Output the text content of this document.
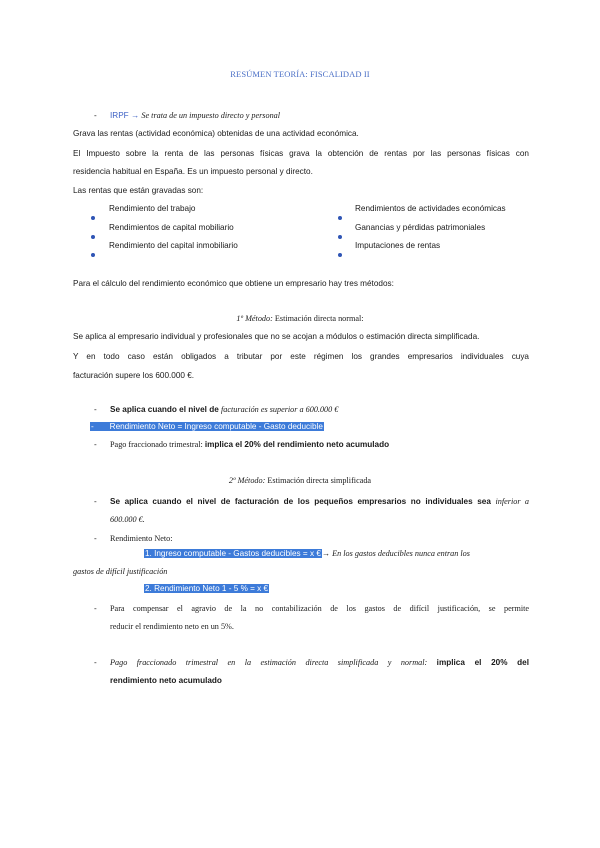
RESÚMEN TEORÍA: FISCALIDAD II
- IRPF → Se trata de un impuesto directo y personal
Grava las rentas (actividad económica) obtenidas de una actividad económica.
El Impuesto sobre la renta de las personas físicas grava la obtención de rentas por las personas físicas con
residencia habitual en España. Es un impuesto personal y directo.
Las rentas que están gravadas son:
Rendimiento del trabajo
Rendimientos de capital mobiliario
Rendimiento del capital inmobiliario
Rendimientos de actividades económicas
Ganancias y pérdidas patrimoniales
Imputaciones de rentas
Para el cálculo del rendimiento económico que obtiene un empresario hay tres métodos:
1º Método: Estimación directa normal:
Se aplica al empresario individual y profesionales que no se acojan a módulos o estimación directa simplificada.
Y en todo caso están obligados a tributar por este régimen los grandes empresarios individuales cuya
facturación supere los 600.000 €.
- Se aplica cuando el nivel de facturación es superior a 600.000 €
-       Rendimiento Neto = Ingreso computable - Gasto deducible
- Pago fraccionado trimestral: implica el 20% del rendimiento neto acumulado
2º Método: Estimación directa simplificada
- Se aplica cuando el nivel de facturación de los pequeños empresarios no individuales sea inferior a
600.000 €.
- Rendimiento Neto:
1. Ingreso computable - Gastos deducibles = x €→ En los gastos deducibles nunca entran los
gastos de difícil justificación
2. Rendimiento Neto 1 - 5 % = x €
- Para compensar el agravio de la no contabilización de los gastos de difícil justificación, se permite
reducir el rendimiento neto en un 5%.
- Pago fraccionado trimestral en la estimación directa simplificada y normal: implica el 20% del
rendimiento neto acumulado
